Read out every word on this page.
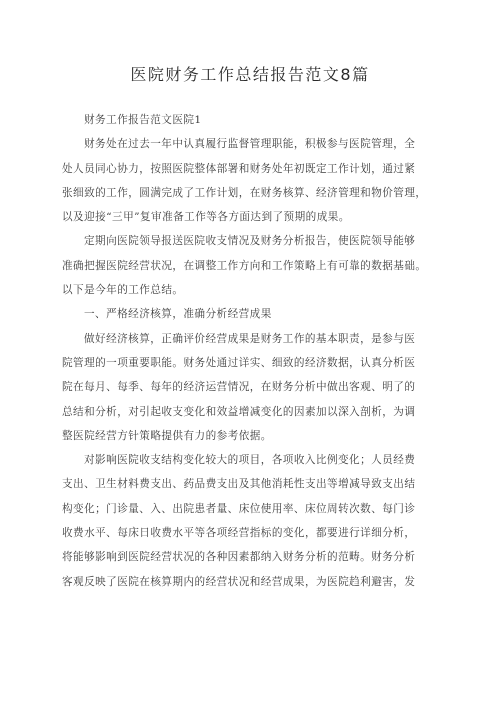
医院财务工作总结报告范文8篇
财务工作报告范文医院1
财务处在过去一年中认真履行监督管理职能，积极参与医院管理，全
处人员同心协力，按照医院整体部署和财务处年初既定工作计划，通过紧
张细致的工作，圆满完成了工作计划，在财务核算、经济管理和物价管理，
以及迎接“三甲”复审准备工作等各方面达到了预期的成果。
定期向医院领导报送医院收支情况及财务分析报告，使医院领导能够
准确把握医院经营状况，在调整工作方向和工作策略上有可靠的数据基础。
以下是今年的工作总结。
一、严格经济核算，准确分析经营成果
做好经济核算，正确评价经营成果是财务工作的基本职责，是参与医
院管理的一项重要职能。财务处通过详实、细致的经济数据，认真分析医
院在每月、每季、每年的经济运营情况，在财务分析中做出客观、明了的
总结和分析，对引起收支变化和效益增减变化的因素加以深入剖析，为调
整医院经营方针策略提供有力的参考依据。
对影响医院收支结构变化较大的项目，各项收入比例变化；人员经费
支出、卫生材料费支出、药品费支出及其他消耗性支出等增减导致支出结
构变化；门诊量、入、出院患者量、床位使用率、床位周转次数、每门诊
收费水平、每床日收费水平等各项经营指标的变化，都要进行详细分析，
将能够影响到医院经营状况的各种因素都纳入财务分析的范畴。财务分析
客观反映了医院在核算期内的经营状况和经营成果，为医院趋利避害，发
